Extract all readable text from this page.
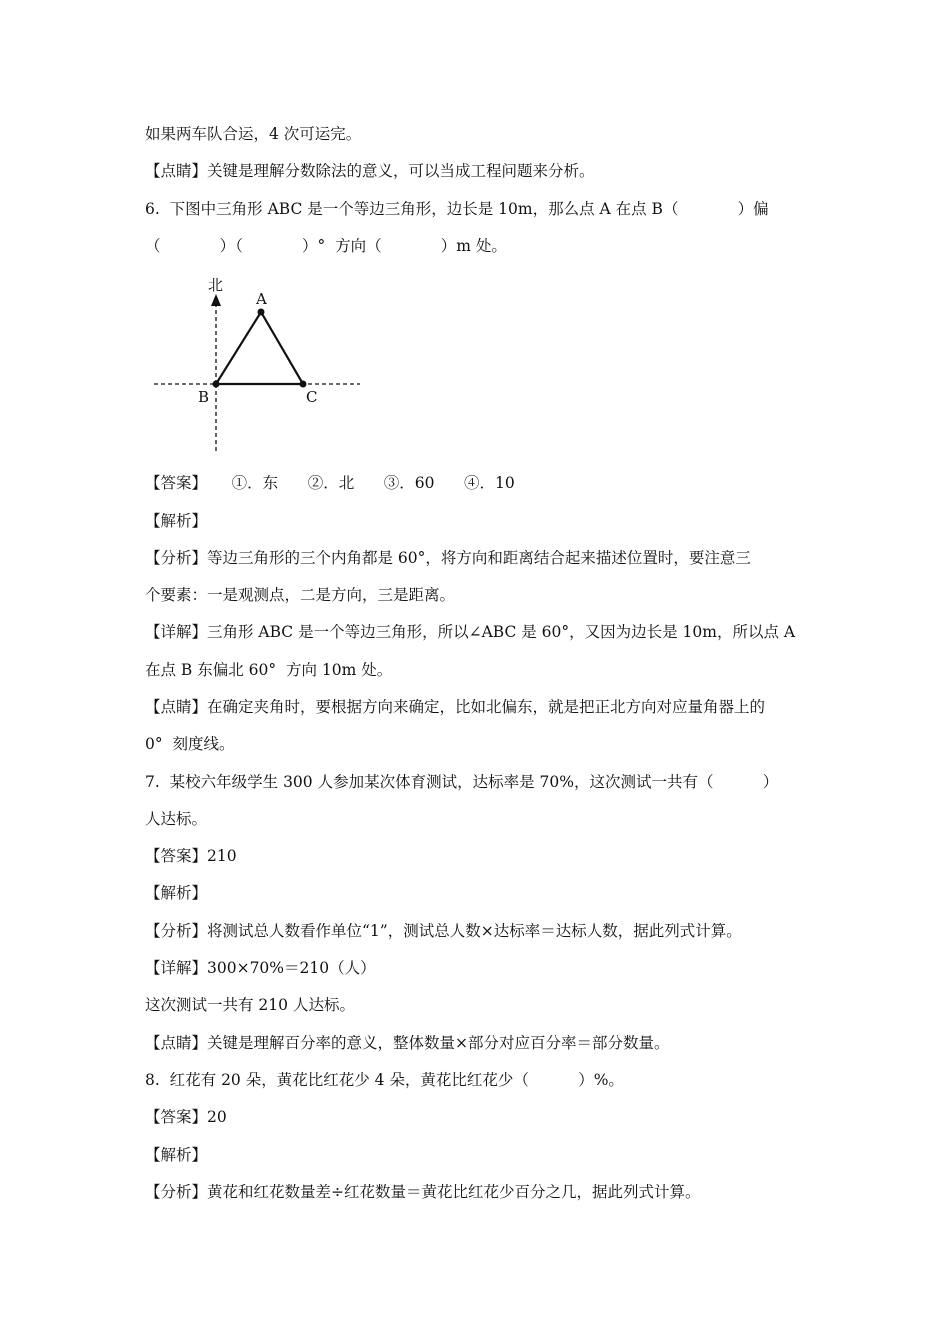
如果两车队合运，4 次可运完。
【点睛】关键是理解分数除法的意义，可以当成工程问题来分析。
6.  下图中三角形 ABC 是一个等边三角形，边长是 10m，那么点 A 在点 B（            ）偏
（            ）（            ）°  方向（            ）m 处。
北
A
B	C
【答案】     ①．东      ②．北      ③．60      ④．10
【解析】
【分析】等边三角形的三个内角都是 60°，将方向和距离结合起来描述位置时，要注意三
个要素：一是观测点，二是方向，三是距离。
【详解】三角形 ABC 是一个等边三角形，所以∠ABC 是 60°，又因为边长是 10m，所以点 A
在点 B 东偏北 60°  方向 10m 处。
【点睛】在确定夹角时，要根据方向来确定，比如北偏东，就是把正北方向对应量角器上的
0°  刻度线。
7.  某校六年级学生 300 人参加某次体育测试，达标率是 70%，这次测试一共有（          ）
人达标。
【答案】210
【解析】
【分析】将测试总人数看作单位“1”，测试总人数×达标率＝达标人数，据此列式计算。
【详解】300×70%＝210（人）
这次测试一共有 210 人达标。
【点睛】关键是理解百分率的意义，整体数量×部分对应百分率＝部分数量。
8.  红花有 20 朵，黄花比红花少 4 朵，黄花比红花少（          ）%。
【答案】20
【解析】
【分析】黄花和红花数量差÷红花数量＝黄花比红花少百分之几，据此列式计算。
